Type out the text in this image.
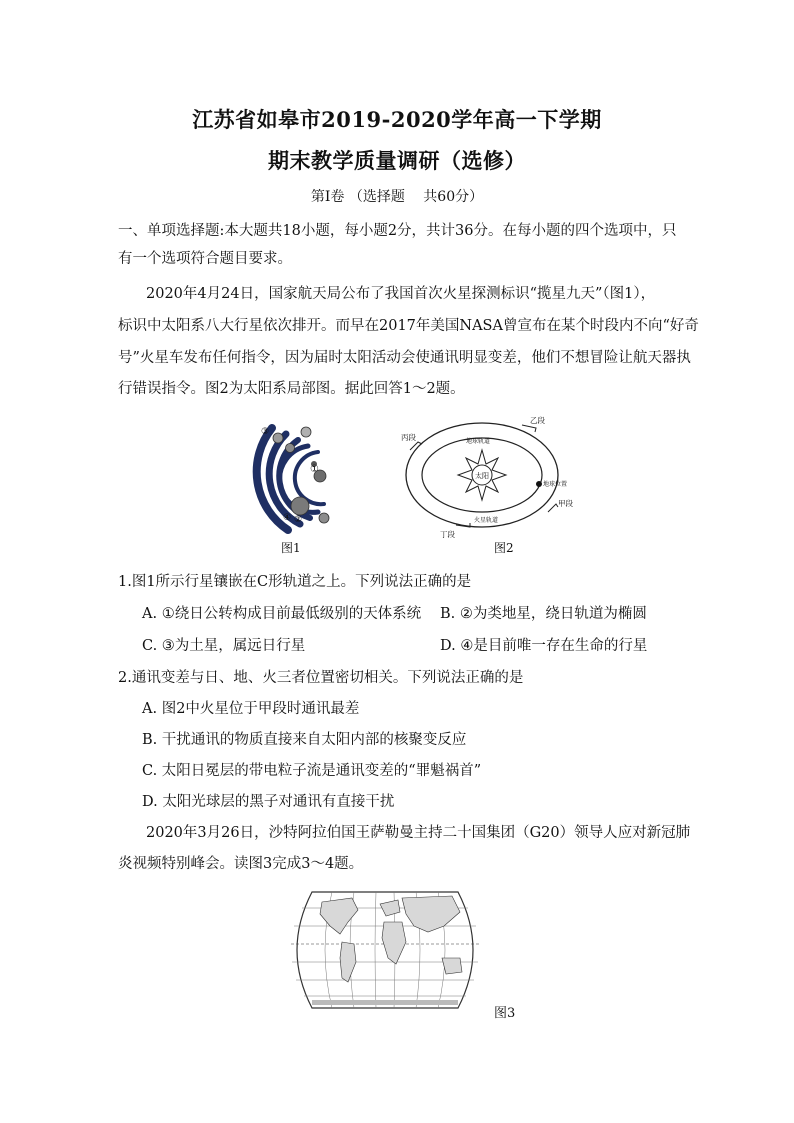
江苏省如皋市2019-2020学年高一下学期
期末教学质量调研（选修）
第Ⅰ卷 （选择题　 共60分）
一、单项选择题:本大题共18小题，每小题2分，共计36分。在每小题的四个选项中，只
有一个选项符合题目要求。
2020年4月24日，国家航天局公布了我国首次火星探测标识“揽星九天”（图1），
标识中太阳系八大行星依次排开。而早在2017年美国NASA曾宣布在某个时段内不向“好奇
号”火星车发布任何指令，因为届时太阳活动会使通讯明显变差，他们不想冒险让航天器执
行错误指令。图2为太阳系局部图。据此回答1～2题。
③
①
④ ②
图1
太阳
地球轨道
火星轨道
地球位置
乙段
丙段
甲段
丁段
图2
1.图1所示行星镶嵌在C形轨道之上。下列说法正确的是
A. ①绕日公转构成目前最低级别的天体系统 B. ②为类地星，绕日轨道为椭圆
C. ③为土星，属远日行星	D. ④是目前唯一存在生命的行星
2.通讯变差与日、地、火三者位置密切相关。下列说法正确的是
A. 图2中火星位于甲段时通讯最差
B. 干扰通讯的物质直接来自太阳内部的核聚变反应
C. 太阳日冕层的带电粒子流是通讯变差的“罪魁祸首”
D. 太阳光球层的黑子对通讯有直接干扰
2020年3月26日，沙特阿拉伯国王萨勒曼主持二十国集团（G20）领导人应对新冠肺
炎视频特别峰会。读图3完成3～4题。
图3
